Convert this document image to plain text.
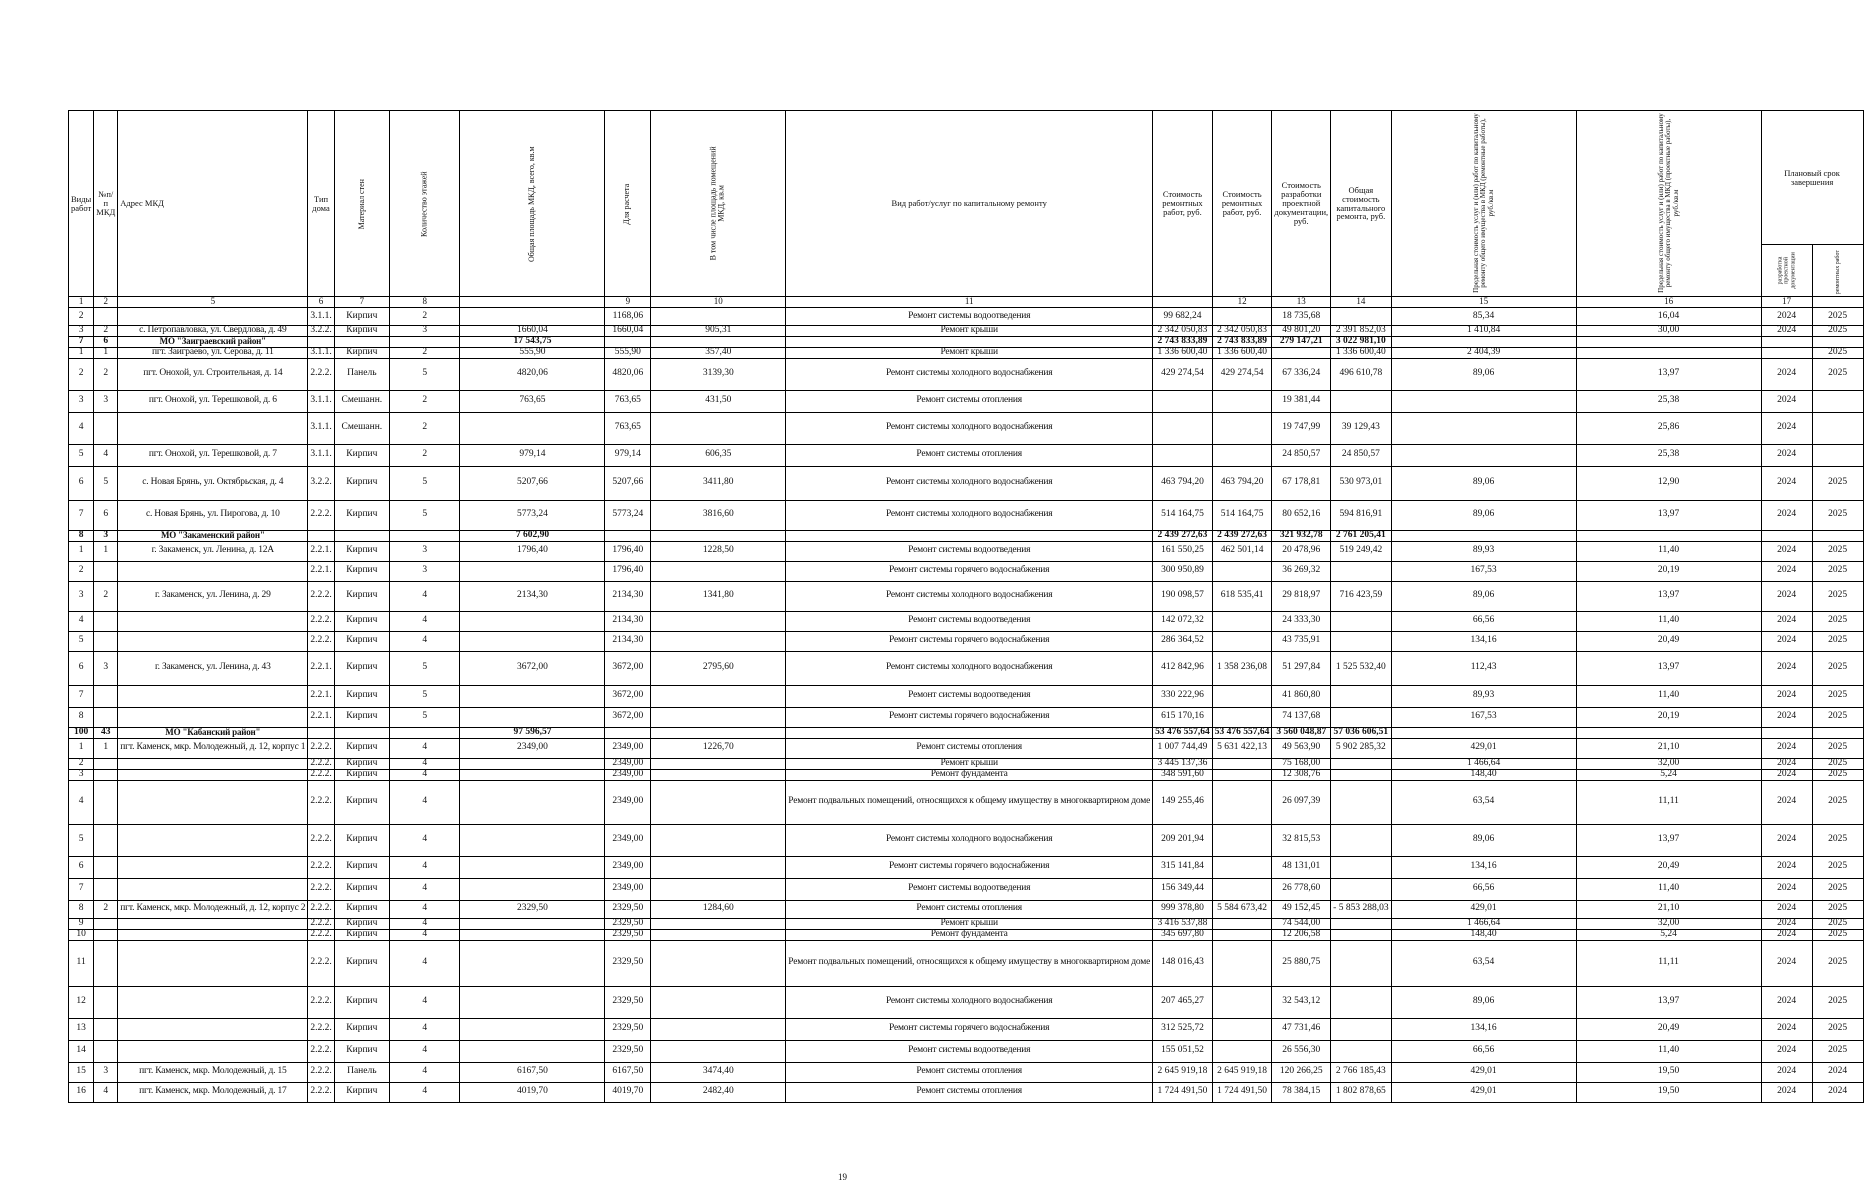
Виды работ	№п/п МКД	Адрес МКД	Тип дома	Материал стен	Количество этажей	Общая площадь МКД, всего, кв.м	Для расчета	В том числе площадь помещений МКД, кв.м	Вид работ/услуг по капитальному ремонту	Стоимость ремонтных работ, руб.	Стоимость ремонтных работ, руб.	Стоимость разработки проектной документации, руб.	Общая стоимость капитального ремонта, руб.	Предельная стоимость услуг и (или) работ по капитальному ремонту общего имущества в МКД (ремонтные работы), руб./кв.м	Предельная стоимость услуг и (или) работ по капитальному ремонту общего имущества в МКД (проектные работы), руб./кв.м	Плановый срок завершения	
																разработка проектной документации	ремонтных работ
1	2	5	6	7	8		9	10	11		12	13	14	15	16	17	
2			3.1.1.	Кирпич	2		1168,06		Ремонт системы водоотведения	99 682,24		18 735,68		85,34	16,04	2024	2025
3	2	с. Петропавловка, ул. Свердлова, д. 49	3.2.2.	Кирпич	3	1660,04	1660,04	905,31	Ремонт крыши	2 342 050,83	2 342 050,83	49 801,20	2 391 852,03	1 410,84	30,00	2024	2025
7	6	МО "Заиграевский район"				17 543,75				2 743 833,89	2 743 833,89	279 147,21	3 022 981,10				
1	1	пгт. Заиграево, ул. Серова, д. 11	3.1.1.	Кирпич	2	555,90	555,90	357,40	Ремонт крыши	1 336 600,40	1 336 600,40		1 336 600,40	2 404,39			2025
2	2	пгт. Онохой, ул. Строительная, д. 14	2.2.2.	Панель	5	4820,06	4820,06	3139,30	Ремонт системы холодного водоснабжения	429 274,54	429 274,54	67 336,24	496 610,78	89,06	13,97	2024	2025
3	3	пгт. Онохой, ул. Терешковой, д. 6	3.1.1.	Смешанн.	2	763,65	763,65	431,50	Ремонт системы отопления			19 381,44			25,38	2024	
4			3.1.1.	Смешанн.	2		763,65		Ремонт системы холодного водоснабжения			19 747,99	39 129,43		25,86	2024	
5	4	пгт. Онохой, ул. Терешковой, д. 7	3.1.1.	Кирпич	2	979,14	979,14	606,35	Ремонт системы отопления			24 850,57	24 850,57		25,38	2024	
6	5	с. Новая Брянь, ул. Октябрьская, д. 4	3.2.2.	Кирпич	5	5207,66	5207,66	3411,80	Ремонт системы холодного водоснабжения	463 794,20	463 794,20	67 178,81	530 973,01	89,06	12,90	2024	2025
7	6	с. Новая Брянь, ул. Пирогова, д. 10	2.2.2.	Кирпич	5	5773,24	5773,24	3816,60	Ремонт системы холодного водоснабжения	514 164,75	514 164,75	80 652,16	594 816,91	89,06	13,97	2024	2025
8	3	МО "Закаменский район"				7 602,90				2 439 272,63	2 439 272,63	321 932,78	2 761 205,41				
1	1	г. Закаменск, ул. Ленина, д. 12А	2.2.1.	Кирпич	3	1796,40	1796,40	1228,50	Ремонт системы водоотведения	161 550,25	462 501,14	20 478,96	519 249,42	89,93	11,40	2024	2025
2			2.2.1.	Кирпич	3		1796,40		Ремонт системы горячего водоснабжения	300 950,89		36 269,32		167,53	20,19	2024	2025
3	2	г. Закаменск, ул. Ленина, д. 29	2.2.2.	Кирпич	4	2134,30	2134,30	1341,80	Ремонт системы холодного водоснабжения	190 098,57	618 535,41	29 818,97	716 423,59	89,06	13,97	2024	2025
4			2.2.2.	Кирпич	4		2134,30		Ремонт системы водоотведения	142 072,32		24 333,30		66,56	11,40	2024	2025
5			2.2.2.	Кирпич	4		2134,30		Ремонт системы горячего водоснабжения	286 364,52		43 735,91		134,16	20,49	2024	2025
6	3	г. Закаменск, ул. Ленина, д. 43	2.2.1.	Кирпич	5	3672,00	3672,00	2795,60	Ремонт системы холодного водоснабжения	412 842,96	1 358 236,08	51 297,84	1 525 532,40	112,43	13,97	2024	2025
7			2.2.1.	Кирпич	5		3672,00		Ремонт системы водоотведения	330 222,96		41 860,80		89,93	11,40	2024	2025
8			2.2.1.	Кирпич	5		3672,00		Ремонт системы горячего водоснабжения	615 170,16		74 137,68		167,53	20,19	2024	2025
100	43	МО "Кабанский район"				97 596,57				53 476 557,64	53 476 557,64	3 560 048,87	57 036 606,51				
1	1	пгт. Каменск, мкр. Молодежный, д. 12, корпус 1	2.2.2.	Кирпич	4	2349,00	2349,00	1226,70	Ремонт системы отопления	1 007 744,49	5 631 422,13	49 563,90	5 902 285,32	429,01	21,10	2024	2025
2			2.2.2.	Кирпич	4		2349,00		Ремонт крыши	3 445 137,36		75 168,00		1 466,64	32,00	2024	2025
3			2.2.2.	Кирпич	4		2349,00		Ремонт фундамента	348 591,60		12 308,76		148,40	5,24	2024	2025
4			2.2.2.	Кирпич	4		2349,00		Ремонт подвальных помещений, относящихся к общему имуществу в многоквартирном доме	149 255,46		26 097,39		63,54	11,11	2024	2025
5			2.2.2.	Кирпич	4		2349,00		Ремонт системы холодного водоснабжения	209 201,94		32 815,53		89,06	13,97	2024	2025
6			2.2.2.	Кирпич	4		2349,00		Ремонт системы горячего водоснабжения	315 141,84		48 131,01		134,16	20,49	2024	2025
7			2.2.2.	Кирпич	4		2349,00		Ремонт системы водоотведения	156 349,44		26 778,60		66,56	11,40	2024	2025
8	2	пгт. Каменск, мкр. Молодежный, д. 12, корпус 2	2.2.2.	Кирпич	4	2329,50	2329,50	1284,60	Ремонт системы отопления	999 378,80	5 584 673,42	49 152,45	- 5 853 288,03	429,01	21,10	2024	2025
9			2.2.2.	Кирпич	4		2329,50		Ремонт крыши	3 416 537,88		74 544,00		1 466,64	32,00	2024	2025
10			2.2.2.	Кирпич	4		2329,50		Ремонт фундамента	345 697,80		12 206,58		148,40	5,24	2024	2025
11			2.2.2.	Кирпич	4		2329,50		Ремонт подвальных помещений, относящихся к общему имуществу в многоквартирном доме	148 016,43		25 880,75		63,54	11,11	2024	2025
12			2.2.2.	Кирпич	4		2329,50		Ремонт системы холодного водоснабжения	207 465,27		32 543,12		89,06	13,97	2024	2025
13			2.2.2.	Кирпич	4		2329,50		Ремонт системы горячего водоснабжения	312 525,72		47 731,46		134,16	20,49	2024	2025
14			2.2.2.	Кирпич	4		2329,50		Ремонт системы водоотведения	155 051,52		26 556,30		66,56	11,40	2024	2025
15	3	пгт. Каменск, мкр. Молодежный, д. 15	2.2.2.	Панель	4	6167,50	6167,50	3474,40	Ремонт системы отопления	2 645 919,18	2 645 919,18	120 266,25	2 766 185,43	429,01	19,50	2024	2024
16	4	пгт. Каменск, мкр. Молодежный, д. 17	2.2.2.	Кирпич	4	4019,70	4019,70	2482,40	Ремонт системы отопления	1 724 491,50	1 724 491,50	78 384,15	1 802 878,65	429,01	19,50	2024	2024
19
